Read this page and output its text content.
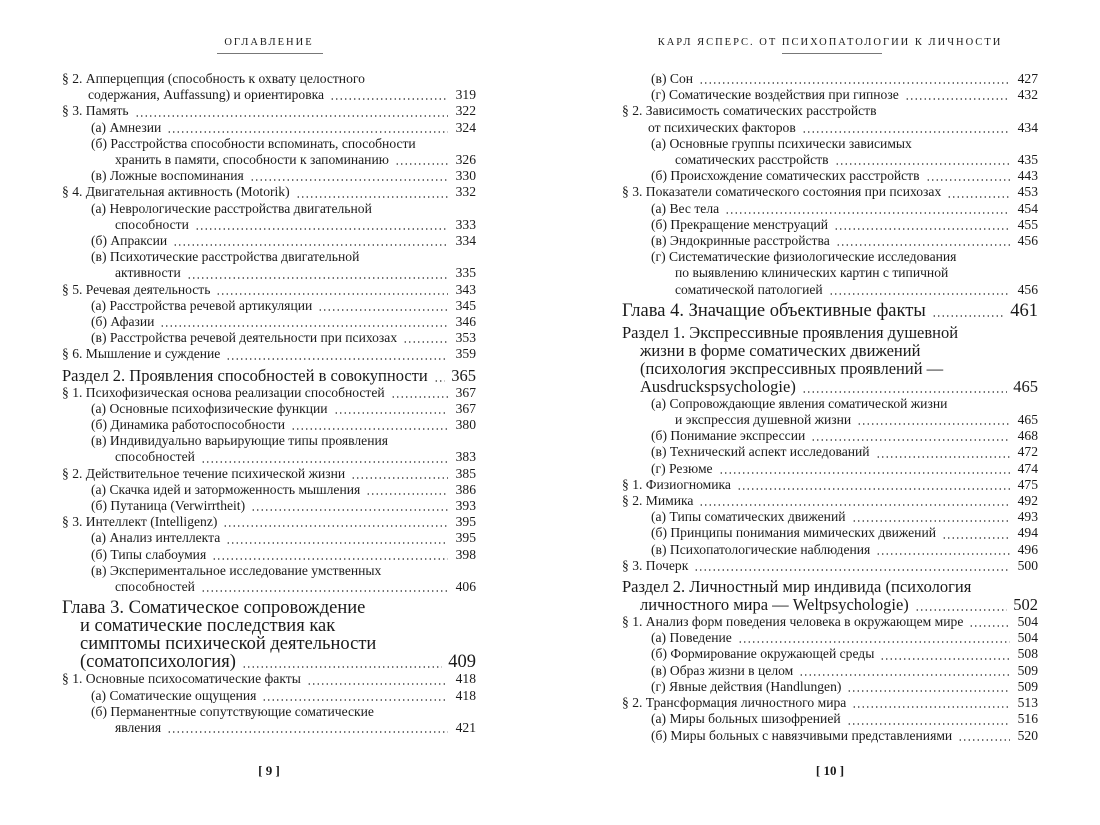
ОГЛАВЛЕНИЕ
§ 2. Апперцепция (способность к охвату целостного
содержания, Auffassung) и ориентировка	319
§ 3. Память	322
(а) Амнезии	324
(б) Расстройства способности вспоминать, способности
хранить в памяти, способности к запоминанию	326
(в) Ложные воспоминания	330
§ 4. Двигательная активность (Motorik)	332
(а) Неврологические расстройства двигательной
способности	333
(б) Апраксии	334
(в) Психотические расстройства двигательной
активности	335
§ 5. Речевая деятельность	343
(а) Расстройства речевой артикуляции	345
(б) Афазии	346
(в) Расстройства речевой деятельности при психозах	353
§ 6. Мышление и суждение	359
Раздел 2. Проявления способностей в совокупности 365
§ 1. Психофизическая основа реализации способностей	367
(а) Основные психофизические функции	367
(б) Динамика работоспособности	380
(в) Индивидуально варьирующие типы проявления
способностей	383
§ 2. Действительное течение психической жизни	385
(а) Скачка идей и заторможенность мышления	386
(б) Путаница (Verwirrtheit)	393
§ 3. Интеллект (Intelligenz)	395
(а) Анализ интеллекта	395
(б) Типы слабоумия	398
(в) Экспериментальное исследование умственных
способностей	406
Глава 3. Соматическое сопровождение
и соматические последствия как
симптомы психической деятельности
(соматопсихология)	409
§ 1. Основные психосоматические факты	418
(а) Соматические ощущения	418
(б) Перманентные сопутствующие соматические
явления	421
[ 9 ]
КАРЛ ЯСПЕРС. ОТ ПСИХОПАТОЛОГИИ К ЛИЧНОСТИ
(в) Сон	427
(г) Соматические воздействия при гипнозе	432
§ 2. Зависимость соматических расстройств
от психических факторов	434
(а) Основные группы психически зависимых
соматических расстройств	435
(б) Происхождение соматических расстройств	443
§ 3. Показатели соматического состояния при психозах	453
(а) Вес тела	454
(б) Прекращение менструаций	455
(в) Эндокринные расстройства	456
(г) Систематические физиологические исследования
по выявлению клинических картин с типичной
соматической патологией	456
Глава 4. Значащие объективные факты	461
Раздел 1. Экспрессивные проявления душевной
жизни в форме соматических движений
(психология экспрессивных проявлений —
Ausdruckspsychologie)	465
(а) Сопровождающие явления соматической жизни
и экспрессия душевной жизни	465
(б) Понимание экспрессии	468
(в) Технический аспект исследований	472
(г) Резюме	474
§ 1. Физиогномика	475
§ 2. Мимика	492
(а) Типы соматических движений	493
(б) Принципы понимания мимических движений	494
(в) Психопатологические наблюдения	496
§ 3. Почерк	500
Раздел 2. Личностный мир индивида (психология
личностного мира — Weltpsychologie)	502
§ 1. Анализ форм поведения человека в окружающем мире	504
(а) Поведение	504
(б) Формирование окружающей среды	508
(в) Образ жизни в целом	509
(г) Явные действия (Handlungen)	509
§ 2. Трансформация личностного мира	513
(а) Миры больных шизофренией	516
(б) Миры больных с навязчивыми представлениями	520
[ 10 ]
